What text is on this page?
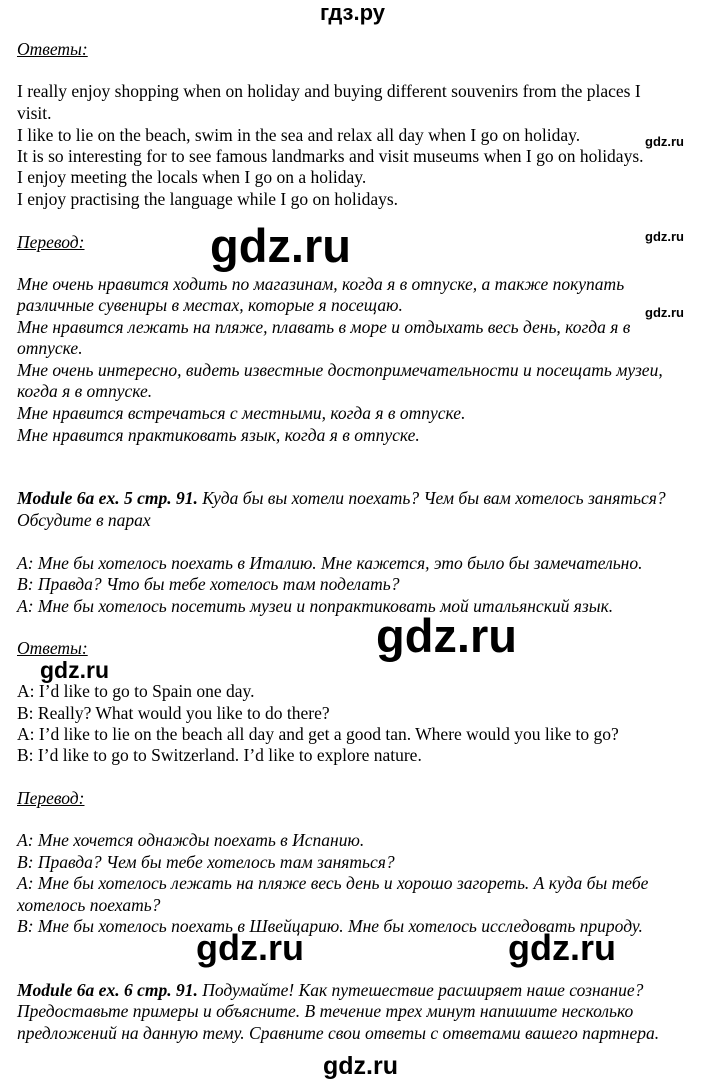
гдз.ру
Ответы:
I really enjoy shopping when on holiday and buying different souvenirs from the places I
visit.
I like to lie on the beach, swim in the sea and relax all day when I go on holiday.
It is so interesting for to see famous landmarks and visit museums when I go on holidays.
I enjoy meeting the locals when I go on a holiday.
I enjoy practising the language while I go on holidays.
Перевод:
Мне очень нравится ходить по магазинам, когда я в отпуске, а также покупать
различные сувениры в местах, которые я посещаю.
Мне нравится лежать на пляже, плавать в море и отдыхать весь день, когда я в
отпуске.
Мне очень интересно, видеть известные достопримечательности и посещать музеи,
когда я в отпуске.
Мне нравится встречаться с местными, когда я в отпуске.
Мне нравится практиковать язык, когда я в отпуске.
Module 6a ex. 5 стр. 91. Куда бы вы хотели поехать? Чем бы вам хотелось заняться?
Обсудите в парах
A: Мне бы хотелось поехать в Италию. Мне кажется, это было бы замечательно.
B: Правда? Что бы тебе хотелось там поделать?
A: Мне бы хотелось посетить музеи и попрактиковать мой итальянский язык.
Ответы:
A: I’d like to go to Spain one day.
B: Really? What would you like to do there?
A: I’d like to lie on the beach all day and get a good tan. Where would you like to go?
B: I’d like to go to Switzerland. I’d like to explore nature.
Перевод:
A: Мне хочется однажды поехать в Испанию.
B: Правда? Чем бы тебе хотелось там заняться?
A: Мне бы хотелось лежать на пляже весь день и хорошо загореть. А куда бы тебе
хотелось поехать?
B: Мне бы хотелось поехать в Швейцарию. Мне бы хотелось исследовать природу.
Module 6a ex. 6 стр. 91. Подумайте! Как путешествие расширяет наше сознание?
Предоставьте примеры и объясните. В течение трех минут напишите несколько
предложений на данную тему. Сравните свои ответы с ответами вашего партнера.
gdz.ru
gdz.ru
gdz.ru
gdz.ru
gdz.ru
gdz.ru
gdz.ru	gdz.ru
gdz.ru
